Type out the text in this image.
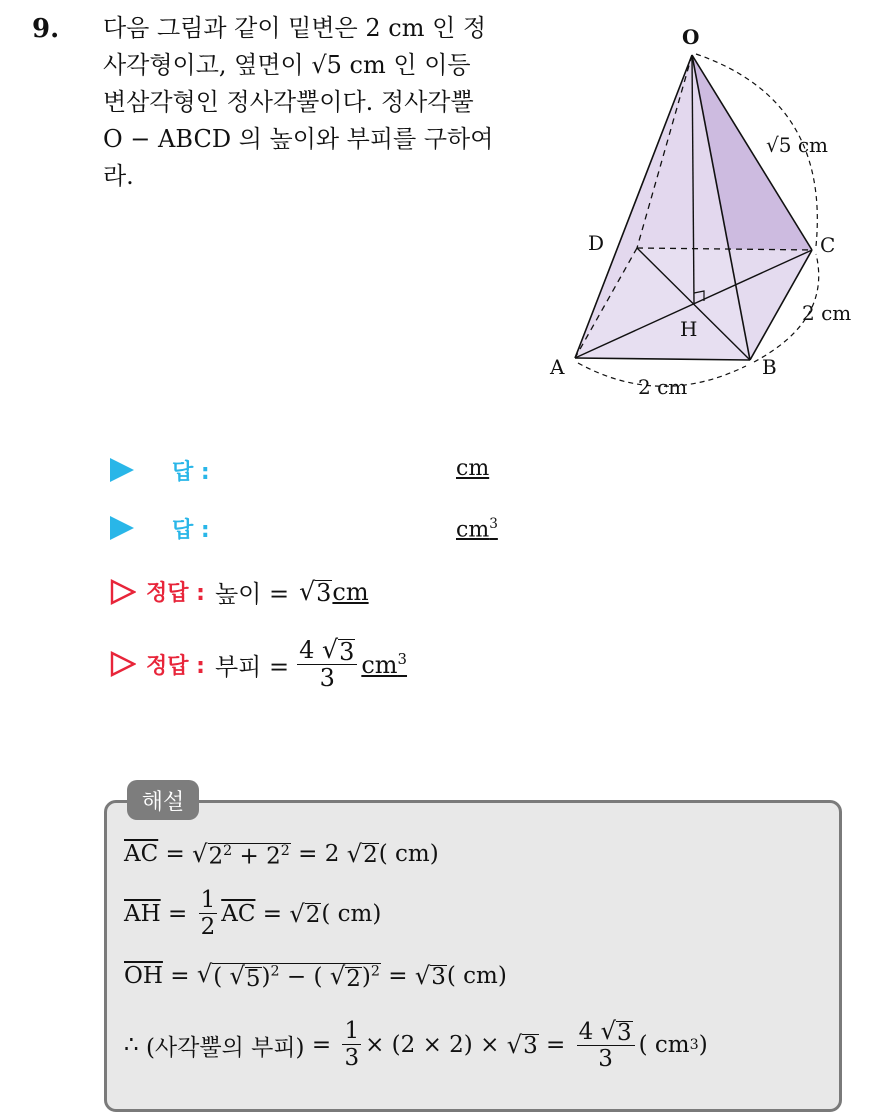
9. 다음 그림과 같이 밑변은 2 cm 인 정
사각형이고, 옆면이 √5 cm 인 이등
변삼각형인 정사각뿔이다. 정사각뿔
O − ABCD 의 높이와 부피를 구하여
라.
O
D	C
H
A	B
√5 cm
2 cm
2 cm
답 :	cm
답 :	$cm^3$
정답 : 높이 = √ 3 cm
정답 : 부피 = $\frac{4 √ 3}{3} cm^3$
해설
$\overline{AC}$
=
√ $2^2 + 2^2$
=
2
√ 2 ( cm)
$\overline{AH}$
=
$\frac{1}{2} \overline{AC}$
=
√ 2 ( cm)
$\overline{OH}$
=
√ ( √ 5 )$^2$ − ( √ 2 )$^2$
=
√ 3 ( cm)
∴
(사각뿔의 부피)
=
$\frac{1}{3}$ ×
(2 × 2)
×
√ 3
=
$\frac{4 √ 3}{3}$ (
cm 3 )
